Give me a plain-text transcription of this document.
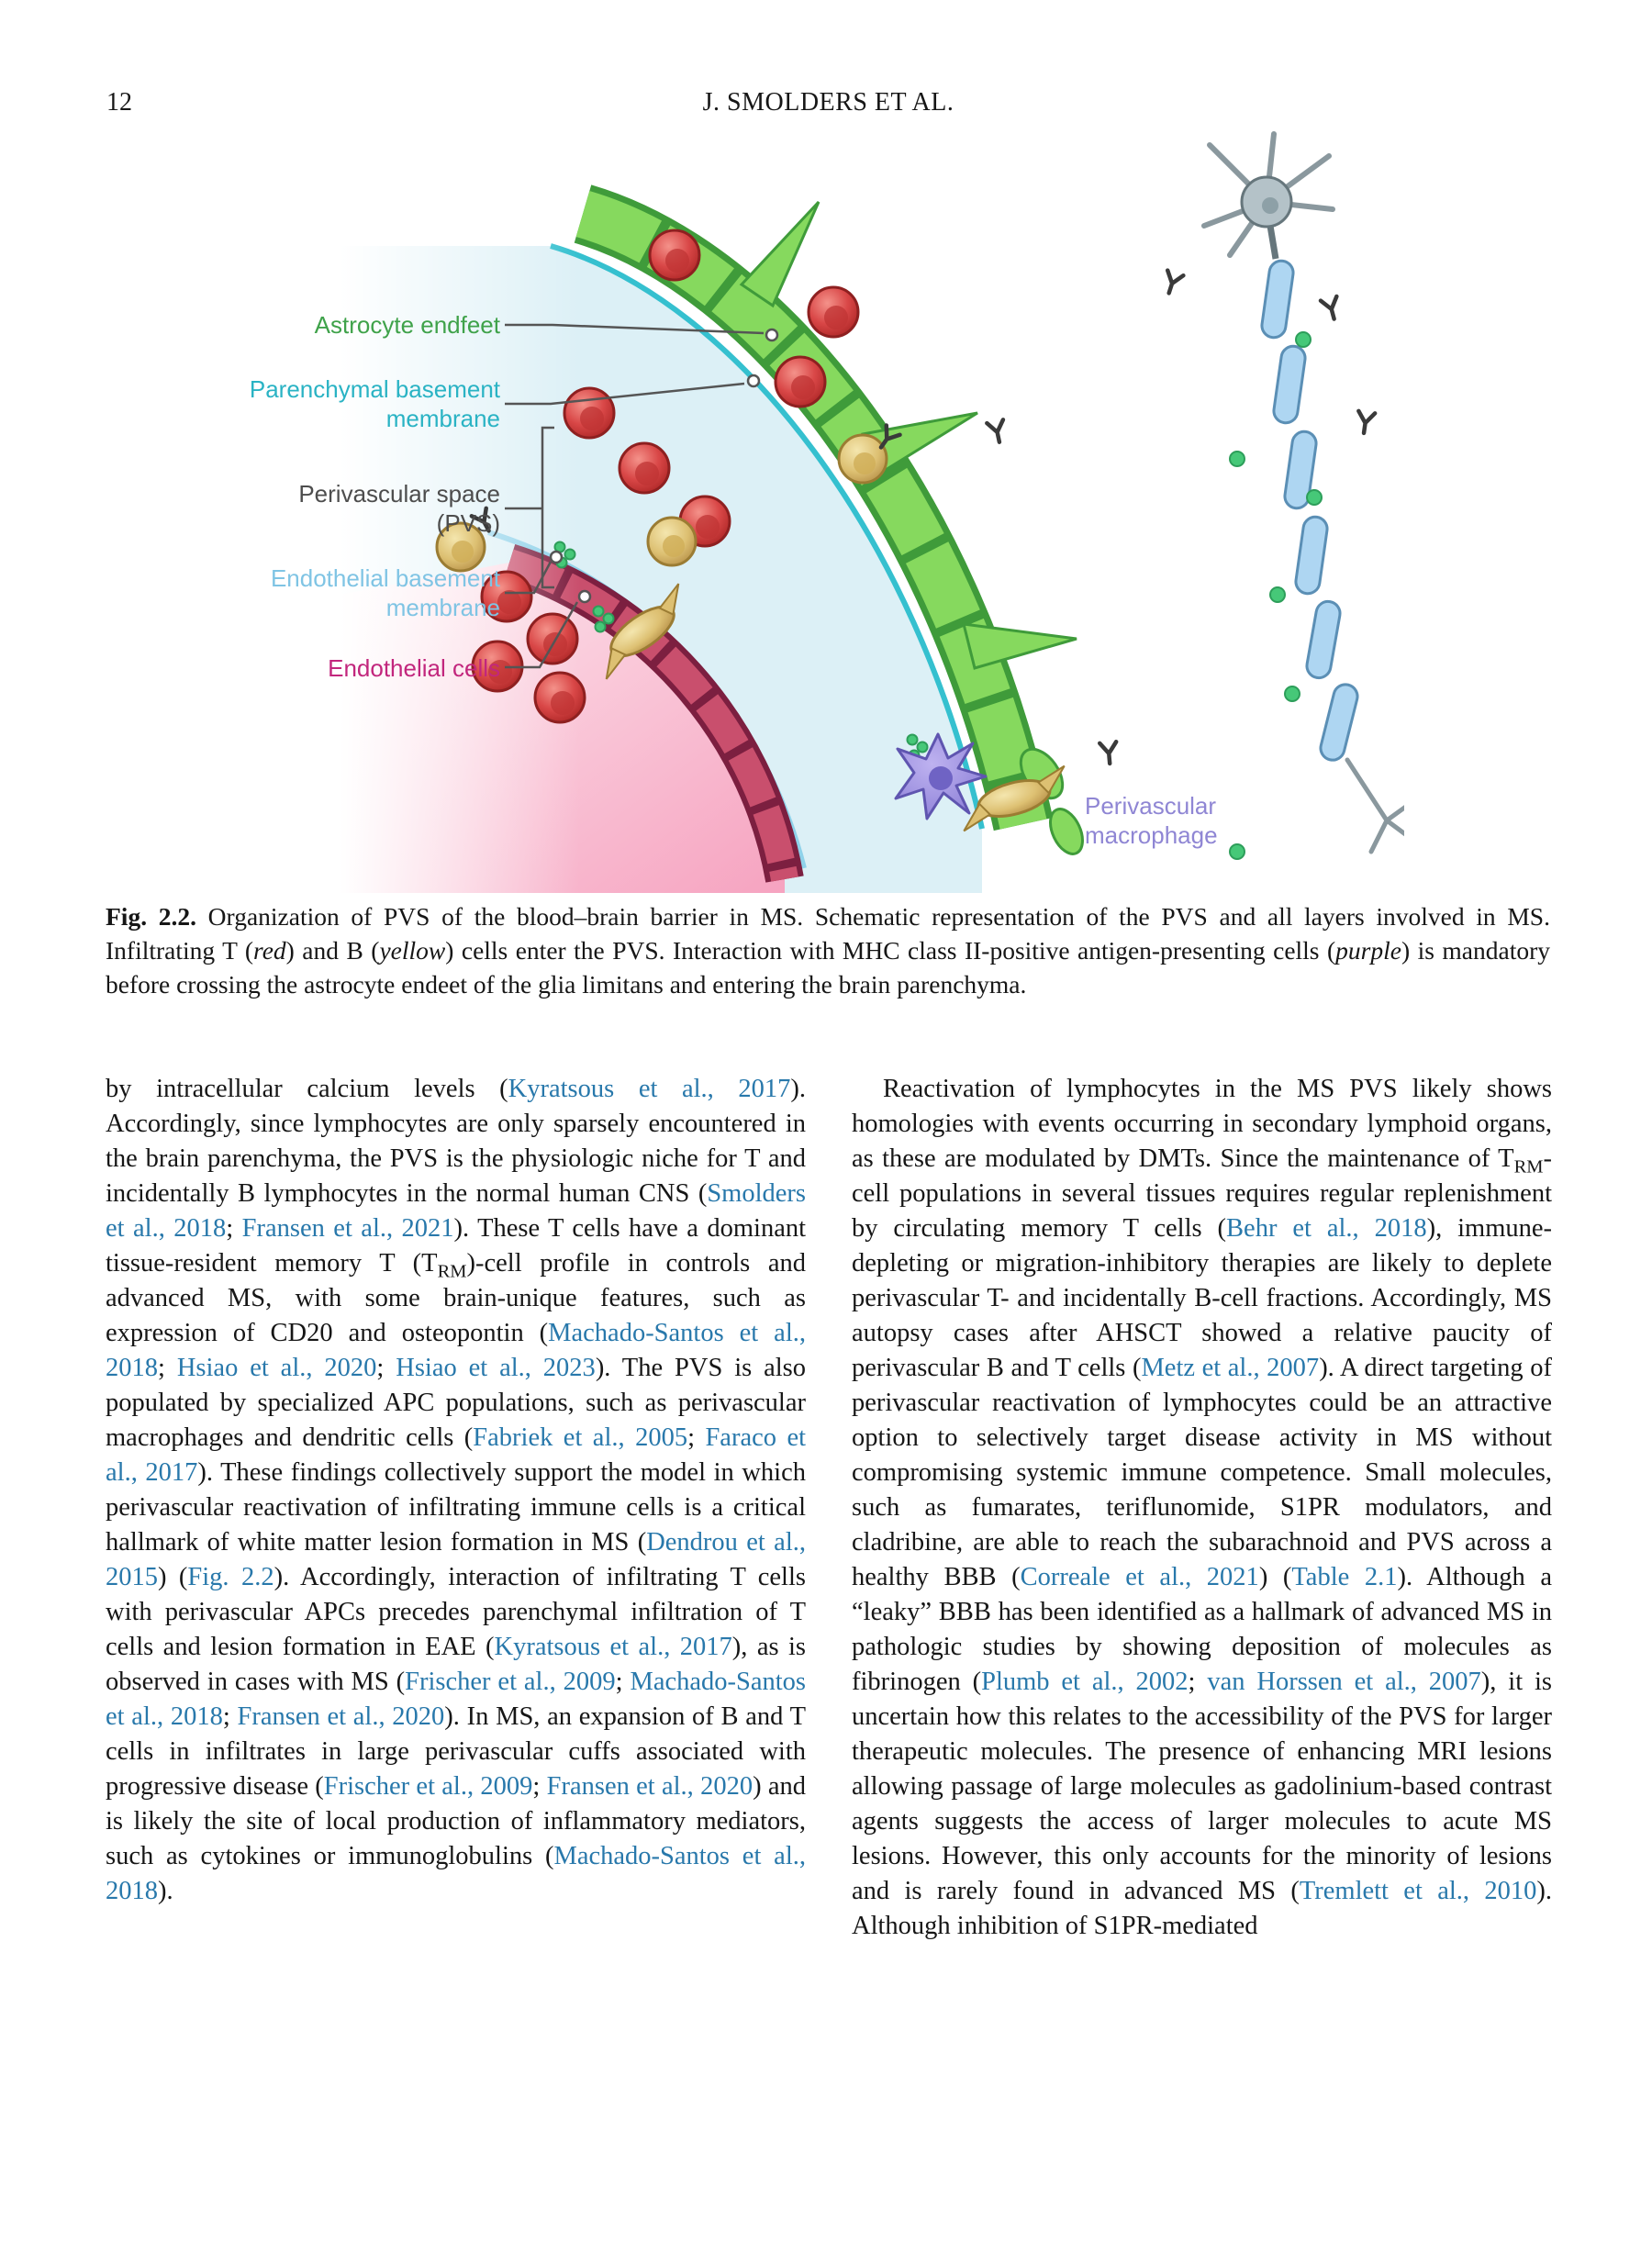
12	J. SMOLDERS ET AL.
Astrocyte endfeet
Parenchymal basement
membrane
Perivascular space
(PVS)
Endothelial basement
membrane
Endothelial cells
Perivascular
macrophage
Fig. 2.2. Organization of PVS of the blood–brain barrier in MS. Schematic representation of the PVS and all layers involved in MS. Infiltrating T (red) and B (yellow) cells enter the PVS. Interaction with MHC class II-positive antigen-presenting cells (purple) is mandatory before crossing the astrocyte endeet of the glia limitans and entering the brain parenchyma.

by intracellular calcium levels (Kyratsous et al., 2017). Accordingly, since lymphocytes are only sparsely encountered in the brain parenchyma, the PVS is the physiologic niche for T and incidentally B lymphocytes in the normal human CNS (Smolders et al., 2018; Fransen et al., 2021). These T cells have a dominant tissue-resident memory T $(T_{RM})$-cell profile in controls and advanced MS, with some brain-unique features, such as expression of CD20 and osteopontin (Machado-Santos et al., 2018; Hsiao et al., 2020; Hsiao et al., 2023). The PVS is also populated by specialized APC populations, such as perivascular macrophages and dendritic cells (Fabriek et al., 2005; Faraco et al., 2017). These findings collectively support the model in which perivascular reactivation of infiltrating immune cells is a critical hallmark of white matter lesion formation in MS (Dendrou et al., 2015) (Fig. 2.2). Accordingly, interaction of infiltrating T cells with perivascular APCs precedes parenchymal infiltration of T cells and lesion formation in EAE (Kyratsous et al., 2017), as is observed in cases with MS (Frischer et al., 2009; Machado-Santos et al., 2018; Fransen et al., 2020). In MS, an expansion of B and T cells in infiltrates in large perivascular cuffs associated with progressive disease (Frischer et al., 2009; Fransen et al., 2020) and is likely the site of local production of inflammatory mediators, such as cytokines or immunoglobulins (Machado-Santos et al., 2018).

Reactivation of lymphocytes in the MS PVS likely shows homologies with events occurring in secondary lymphoid organs, as these are modulated by DMTs. Since the maintenance of $T_{RM}$-cell populations in several tissues requires regular replenishment by circulating memory T cells (Behr et al., 2018), immune-depleting or migration-inhibitory therapies are likely to deplete perivascular T- and incidentally B-cell fractions. Accordingly, MS autopsy cases after AHSCT showed a relative paucity of perivascular B and T cells (Metz et al., 2007). A direct targeting of perivascular reactivation of lymphocytes could be an attractive option to selectively target disease activity in MS without compromising systemic immune competence. Small molecules, such as fumarates, teriflunomide, S1PR modulators, and cladribine, are able to reach the subarachnoid and PVS across a healthy BBB (Correale et al., 2021) (Table 2.1). Although a “leaky” BBB has been identified as a hallmark of advanced MS in pathologic studies by showing deposition of molecules as fibrinogen (Plumb et al., 2002; van Horssen et al., 2007), it is uncertain how this relates to the accessibility of the PVS for larger therapeutic molecules. The presence of enhancing MRI lesions allowing passage of large molecules as gadolinium-based contrast agents suggests the access of larger molecules to acute MS lesions. However, this only accounts for the minority of lesions and is rarely found in advanced MS (Tremlett et al., 2010). Although inhibition of S1PR-mediated
